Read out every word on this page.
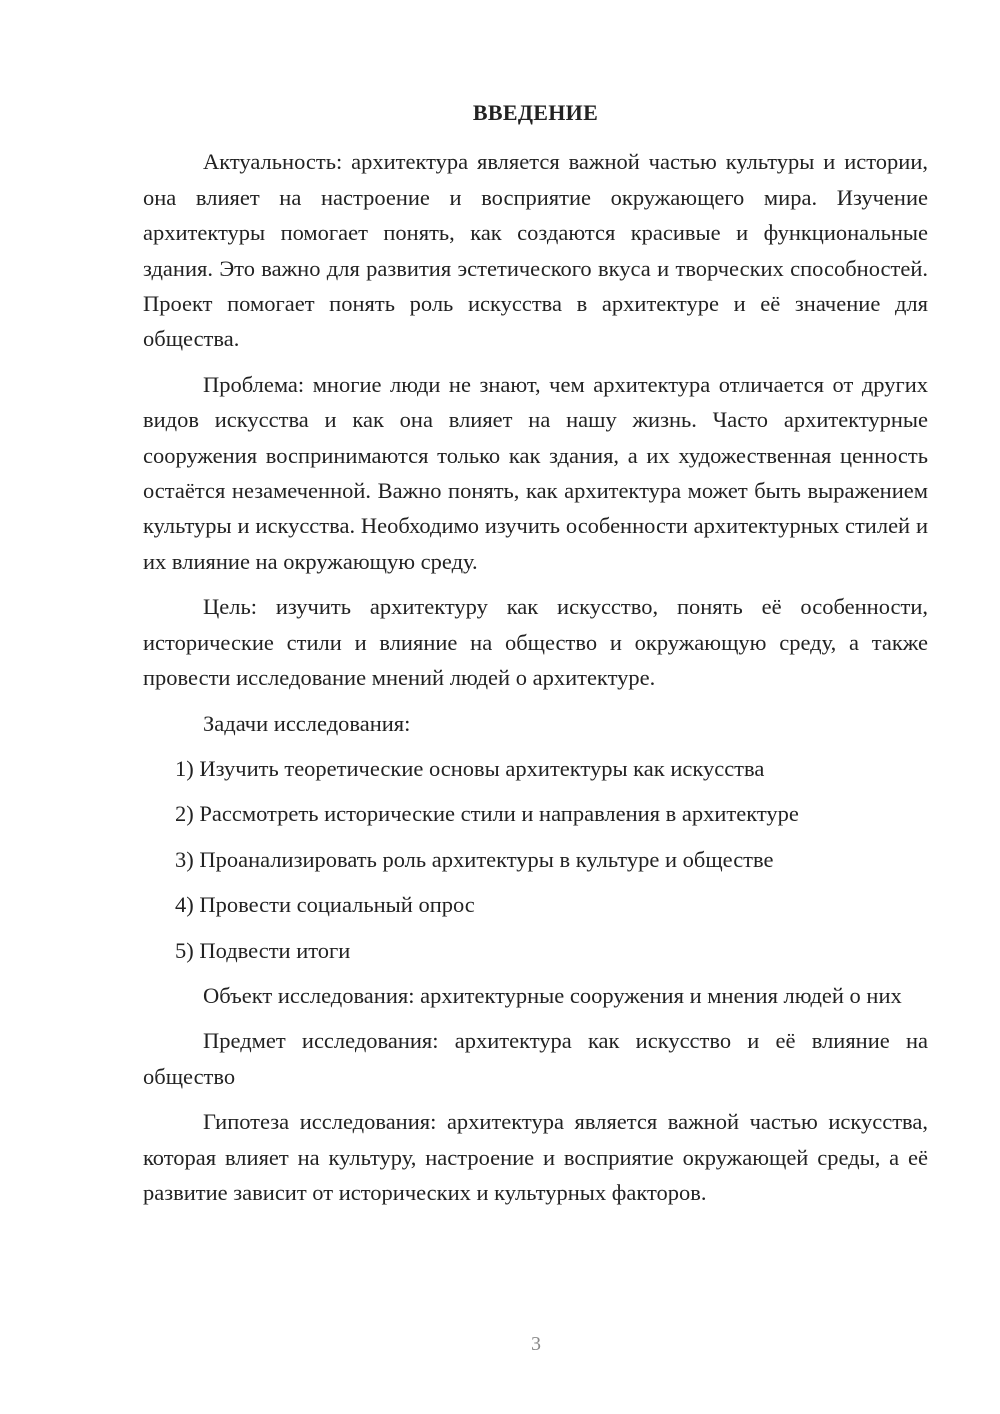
ВВЕДЕНИЕ

Актуальность: архитектура является важной частью культуры и истории, она влияет на настроение и восприятие окружающего мира. Изучение архитектуры помогает понять, как создаются красивые и функциональные здания. Это важно для развития эстетического вкуса и творческих способностей. Проект помогает понять роль искусства в архитектуре и её значение для общества.

Проблема: многие люди не знают, чем архитектура отличается от других видов искусства и как она влияет на нашу жизнь. Часто архитектурные сооружения воспринимаются только как здания, а их художественная ценность остаётся незамеченной. Важно понять, как архитектура может быть выражением культуры и искусства. Необходимо изучить особенности архитектурных стилей и их влияние на окружающую среду.

Цель: изучить архитектуру как искусство, понять её особенности, исторические стили и влияние на общество и окружающую среду, а также провести исследование мнений людей о архитектуре.

Задачи исследования:

1) Изучить теоретические основы архитектуры как искусства
2) Рассмотреть исторические стили и направления в архитектуре
3) Проанализировать роль архитектуры в культуре и обществе
4) Провести социальный опрос
5) Подвести итоги

Объект исследования: архитектурные сооружения и мнения людей о них

Предмет исследования: архитектура как искусство и её влияние на общество

Гипотеза исследования: архитектура является важной частью искусства, которая влияет на культуру, настроение и восприятие окружающей среды, а её развитие зависит от исторических и культурных факторов.

3
